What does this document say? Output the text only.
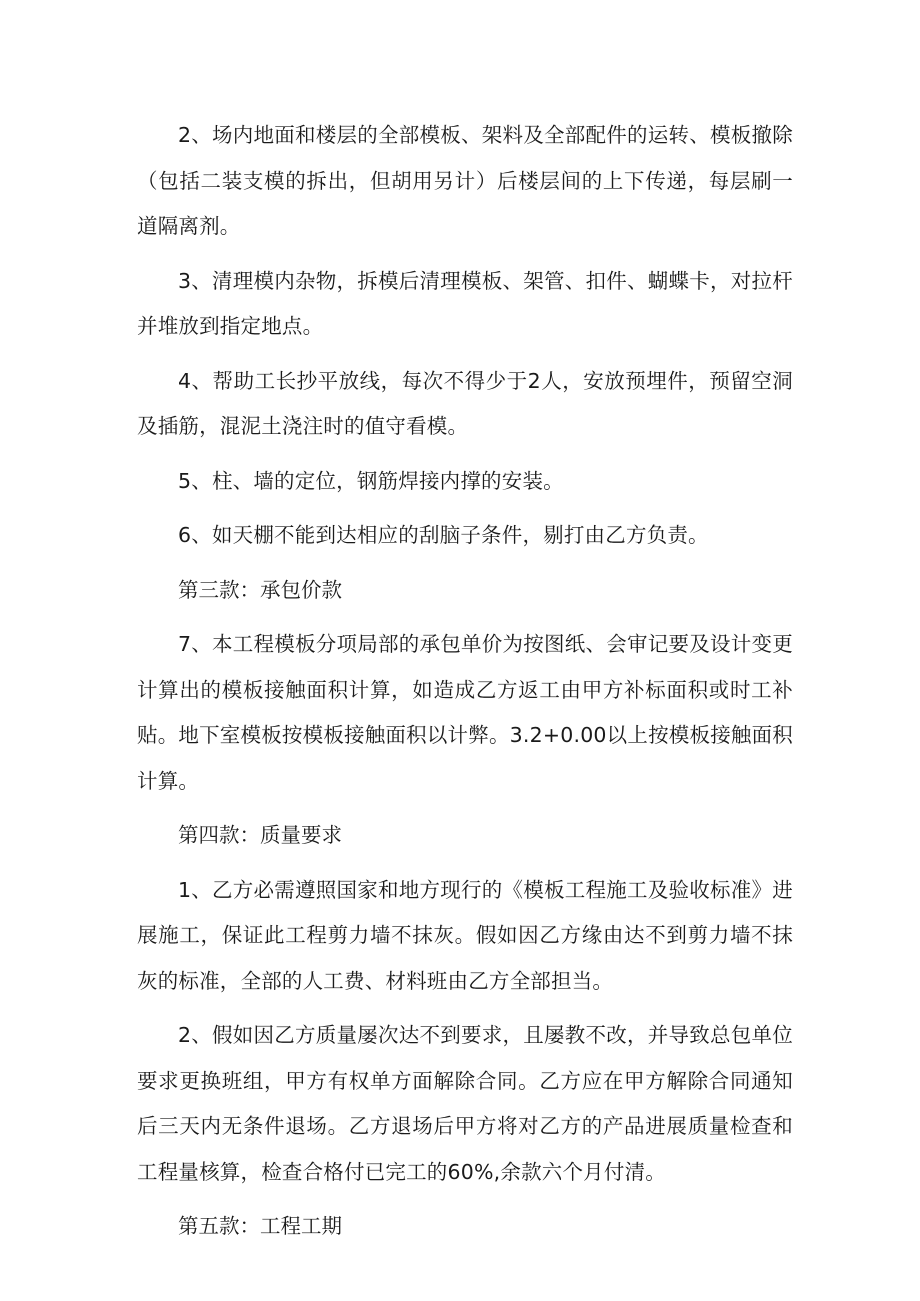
2、场内地面和楼层的全部模板、架料及全部配件的运转、模板撤除（包括二装支模的拆出，但胡用另计）后楼层间的上下传递，每层刷一道隔离剂。

3、清理模内杂物，拆模后清理模板、架管、扣件、蝴蝶卡，对拉杆并堆放到指定地点。

4、帮助工长抄平放线，每次不得少于2人，安放预埋件，预留空洞及插筋，混泥土浇注时的值守看模。

5、柱、墙的定位，钢筋焊接内撑的安装。

6、如天棚不能到达相应的刮脑子条件，剔打由乙方负责。

第三款：承包价款

7、本工程模板分项局部的承包单价为按图纸、会审记要及设计变更计算出的模板接触面积计算，如造成乙方返工由甲方补标面积或时工补贴。地下室模板按模板接触面积以计弊。3.2+0.00以上按模板接触面积计算。

第四款：质量要求

1、乙方必需遵照国家和地方现行的《模板工程施工及验收标准》进展施工，保证此工程剪力墙不抹灰。假如因乙方缘由达不到剪力墙不抹灰的标准，全部的人工费、材料班由乙方全部担当。

2、假如因乙方质量屡次达不到要求，且屡教不改，并导致总包单位要求更换班组，甲方有权单方面解除合同。乙方应在甲方解除合同通知后三天内无条件退场。乙方退场后甲方将对乙方的产品进展质量检查和工程量核算，检查合格付已完工的60%,余款六个月付清。

第五款：工程工期
